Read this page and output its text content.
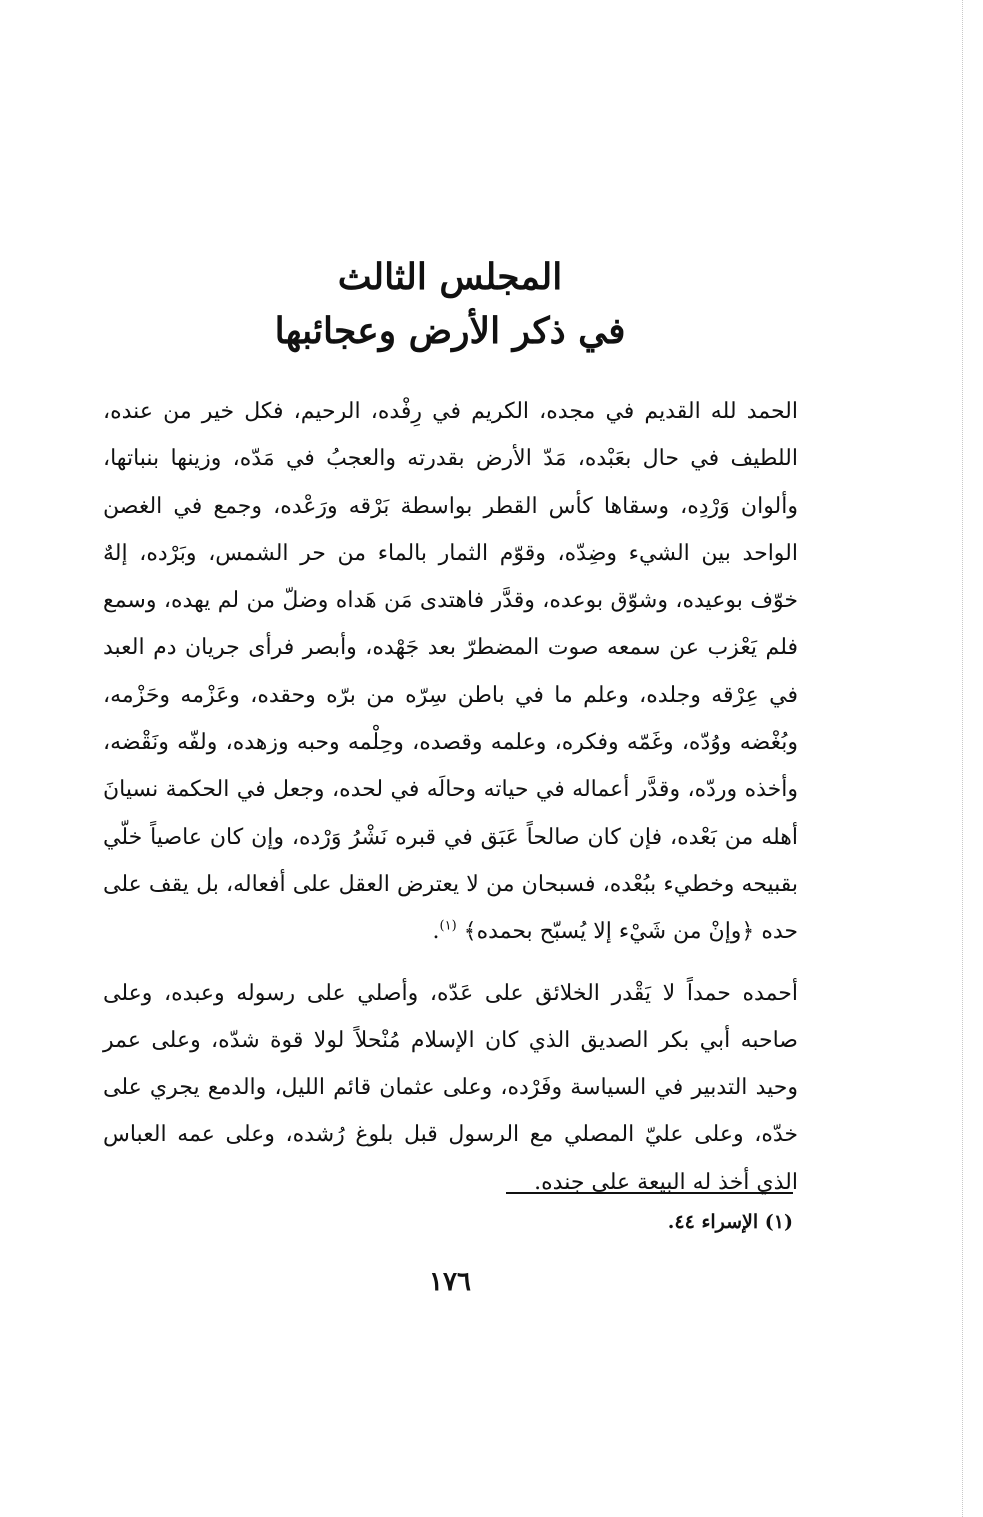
المجلس الثالث
في ذكر الأرض وعجائبها

الحمد لله القديم في مجده، الكريم في رِفْده، الرحيم، فكل خير من عنده، اللطيف في حال بعَبْده، مَدّ الأرض بقدرته والعجبُ في مَدّه، وزينها بنباتها، وألوان وَرْدِه، وسقاها كأس القطر بواسطة بَرْقه ورَعْده، وجمع في الغصن الواحد بين الشيء وضِدّه، وقوّم الثمار بالماء من حر الشمس، وبَرْده، إلهٌ خوّف بوعيده، وشوّق بوعده، وقدَّر فاهتدى مَن هَداه وضلّ من لم يهده، وسمع فلم يَعْزب عن سمعه صوت المضطرّ بعد جَهْده، وأبصر فرأى جريان دم العبد في عِرْقه وجلده، وعلم ما في باطن سِرّه من برّه وحقده، وعَزْمه وحَزْمه، وبُغْضه ووُدّه، وغَمّه وفكره، وعلمه وقصده، وحِلْمه وحبه وزهده، ولفّه ونَقْضه، وأخذه وردّه، وقدَّر أعماله في حياته وحالَه في لحده، وجعل في الحكمة نسيانَ أهله من بَعْده، فإن كان صالحاً عَبَق في قبره نَشْرُ وَرْده، وإن كان عاصياً خلّي بقبيحه وخطيء ببُعْده، فسبحان من لا يعترض العقل على أفعاله، بل يقف على حده ﴿وإنْ من شَيْء إلا يُسبّح بحمده﴾ $^{(١)}$.

أحمده حمداً لا يَقْدر الخلائق على عَدّه، وأصلي على رسوله وعبده، وعلى صاحبه أبي بكر الصديق الذي كان الإسلام مُنْحلاً لولا قوة شدّه، وعلى عمر وحيد التدبير في السياسة وفَرْده، وعلى عثمان قائم الليل، والدمع يجري على خدّه، وعلى عليّ المصلي مع الرسول قبل بلوغ رُشده، وعلى عمه العباس الذي أخذ له البيعة على جنده.

(١) الإسراء ٤٤.
١٧٦
